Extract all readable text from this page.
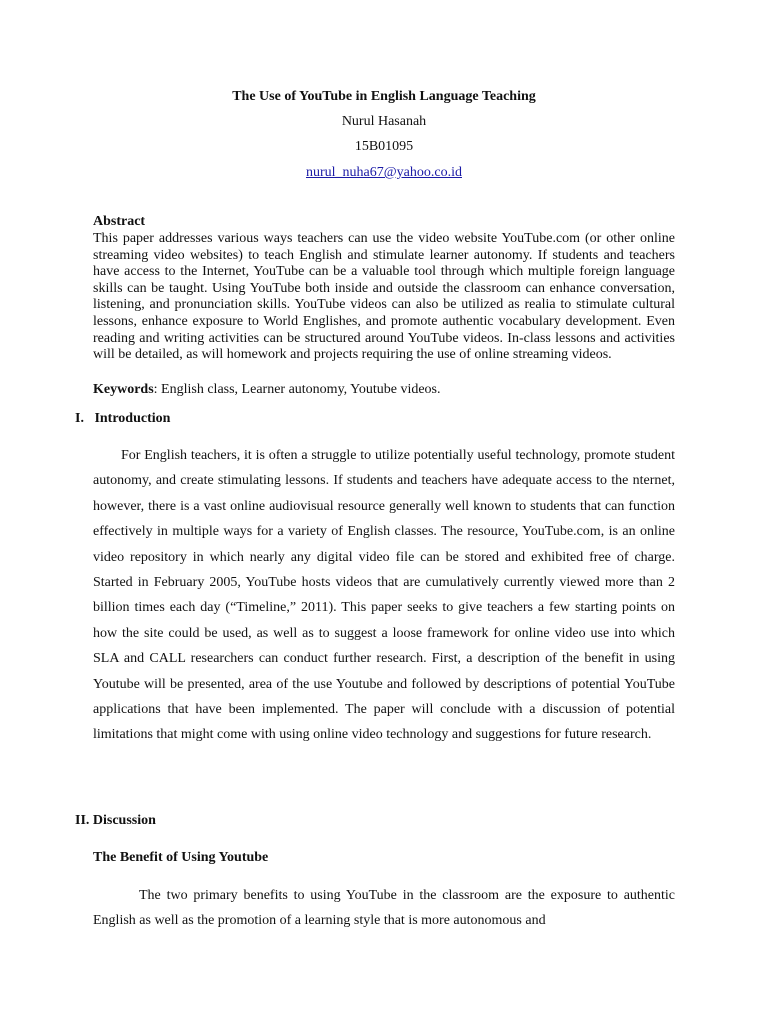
The Use of YouTube in English Language Teaching
Nurul Hasanah
15B01095
nurul_nuha67@yahoo.co.id
Abstract

This paper addresses various ways teachers can use the video website YouTube.com (or other online streaming video websites) to teach English and stimulate learner autonomy. If students and teachers have access to the Internet, YouTube can be a valuable tool through which multiple foreign language skills can be taught. Using YouTube both inside and outside the classroom can enhance conversation, listening, and pronunciation skills. YouTube videos can also be utilized as realia to stimulate cultural lessons, enhance exposure to World Englishes, and promote authentic vocabulary development. Even reading and writing activities can be structured around YouTube videos. In-class lessons and activities will be detailed, as will homework and projects requiring the use of online streaming videos.

Keywords: English class, Learner autonomy, Youtube videos.
I.   Introduction

For English teachers, it is often a struggle to utilize potentially useful technology, promote student autonomy, and create stimulating lessons. If students and teachers have adequate access to the nternet, however, there is a vast online audiovisual resource generally well known to students that can function effectively in multiple ways for a variety of English classes. The resource, YouTube.com, is an online video repository in which nearly any digital video file can be stored and exhibited free of charge. Started in February 2005, YouTube hosts videos that are cumulatively currently viewed more than 2 billion times each day (“Timeline,” 2011). This paper seeks to give teachers a few starting points on how the site could be used, as well as to suggest a loose framework for online video use into which SLA and CALL researchers can conduct further research. First, a description of the benefit in using Youtube will be presented, area of the use Youtube and followed by descriptions of potential YouTube applications that have been implemented. The paper will conclude with a discussion of potential limitations that might come with using online video technology and suggestions for future research.

II. Discussion
The Benefit of Using Youtube

The two primary benefits to using YouTube in the classroom are the exposure to authentic English as well as the promotion of a learning style that is more autonomous and
